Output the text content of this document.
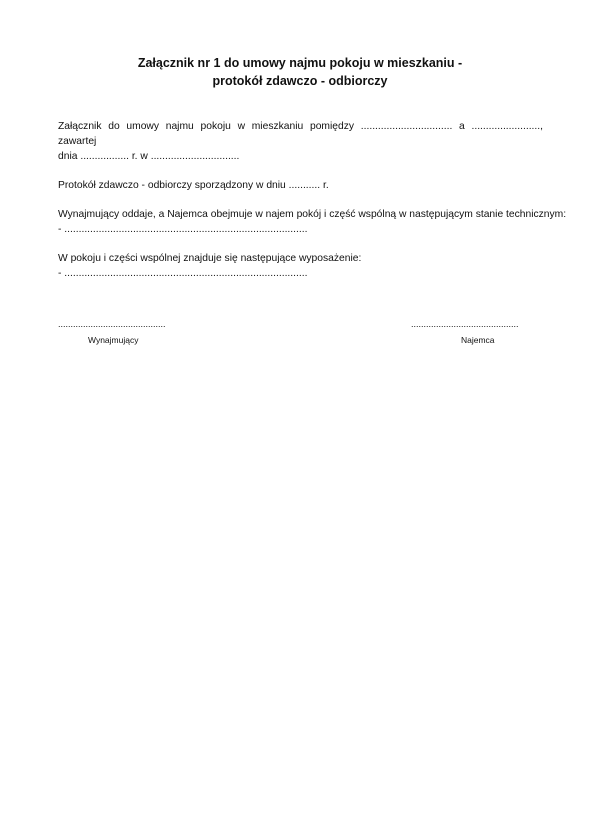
Załącznik nr 1 do umowy najmu pokoju w mieszkaniu -
protokół zdawczo - odbiorczy
Załącznik do umowy najmu pokoju w mieszkaniu pomiędzy ................................ a ........................, zawartej
dnia ................. r. w ...............................
Protokół zdawczo - odbiorczy sporządzony w dniu ........... r.
Wynajmujący oddaje, a Najemca obejmuje w najem pokój i część wspólną w następującym stanie technicznym:
- .....................................................................................
W pokoju i części wspólnej znajduje się następujące wyposażenie:
- .....................................................................................
...........................................
Wynajmujący
...........................................
Najemca
